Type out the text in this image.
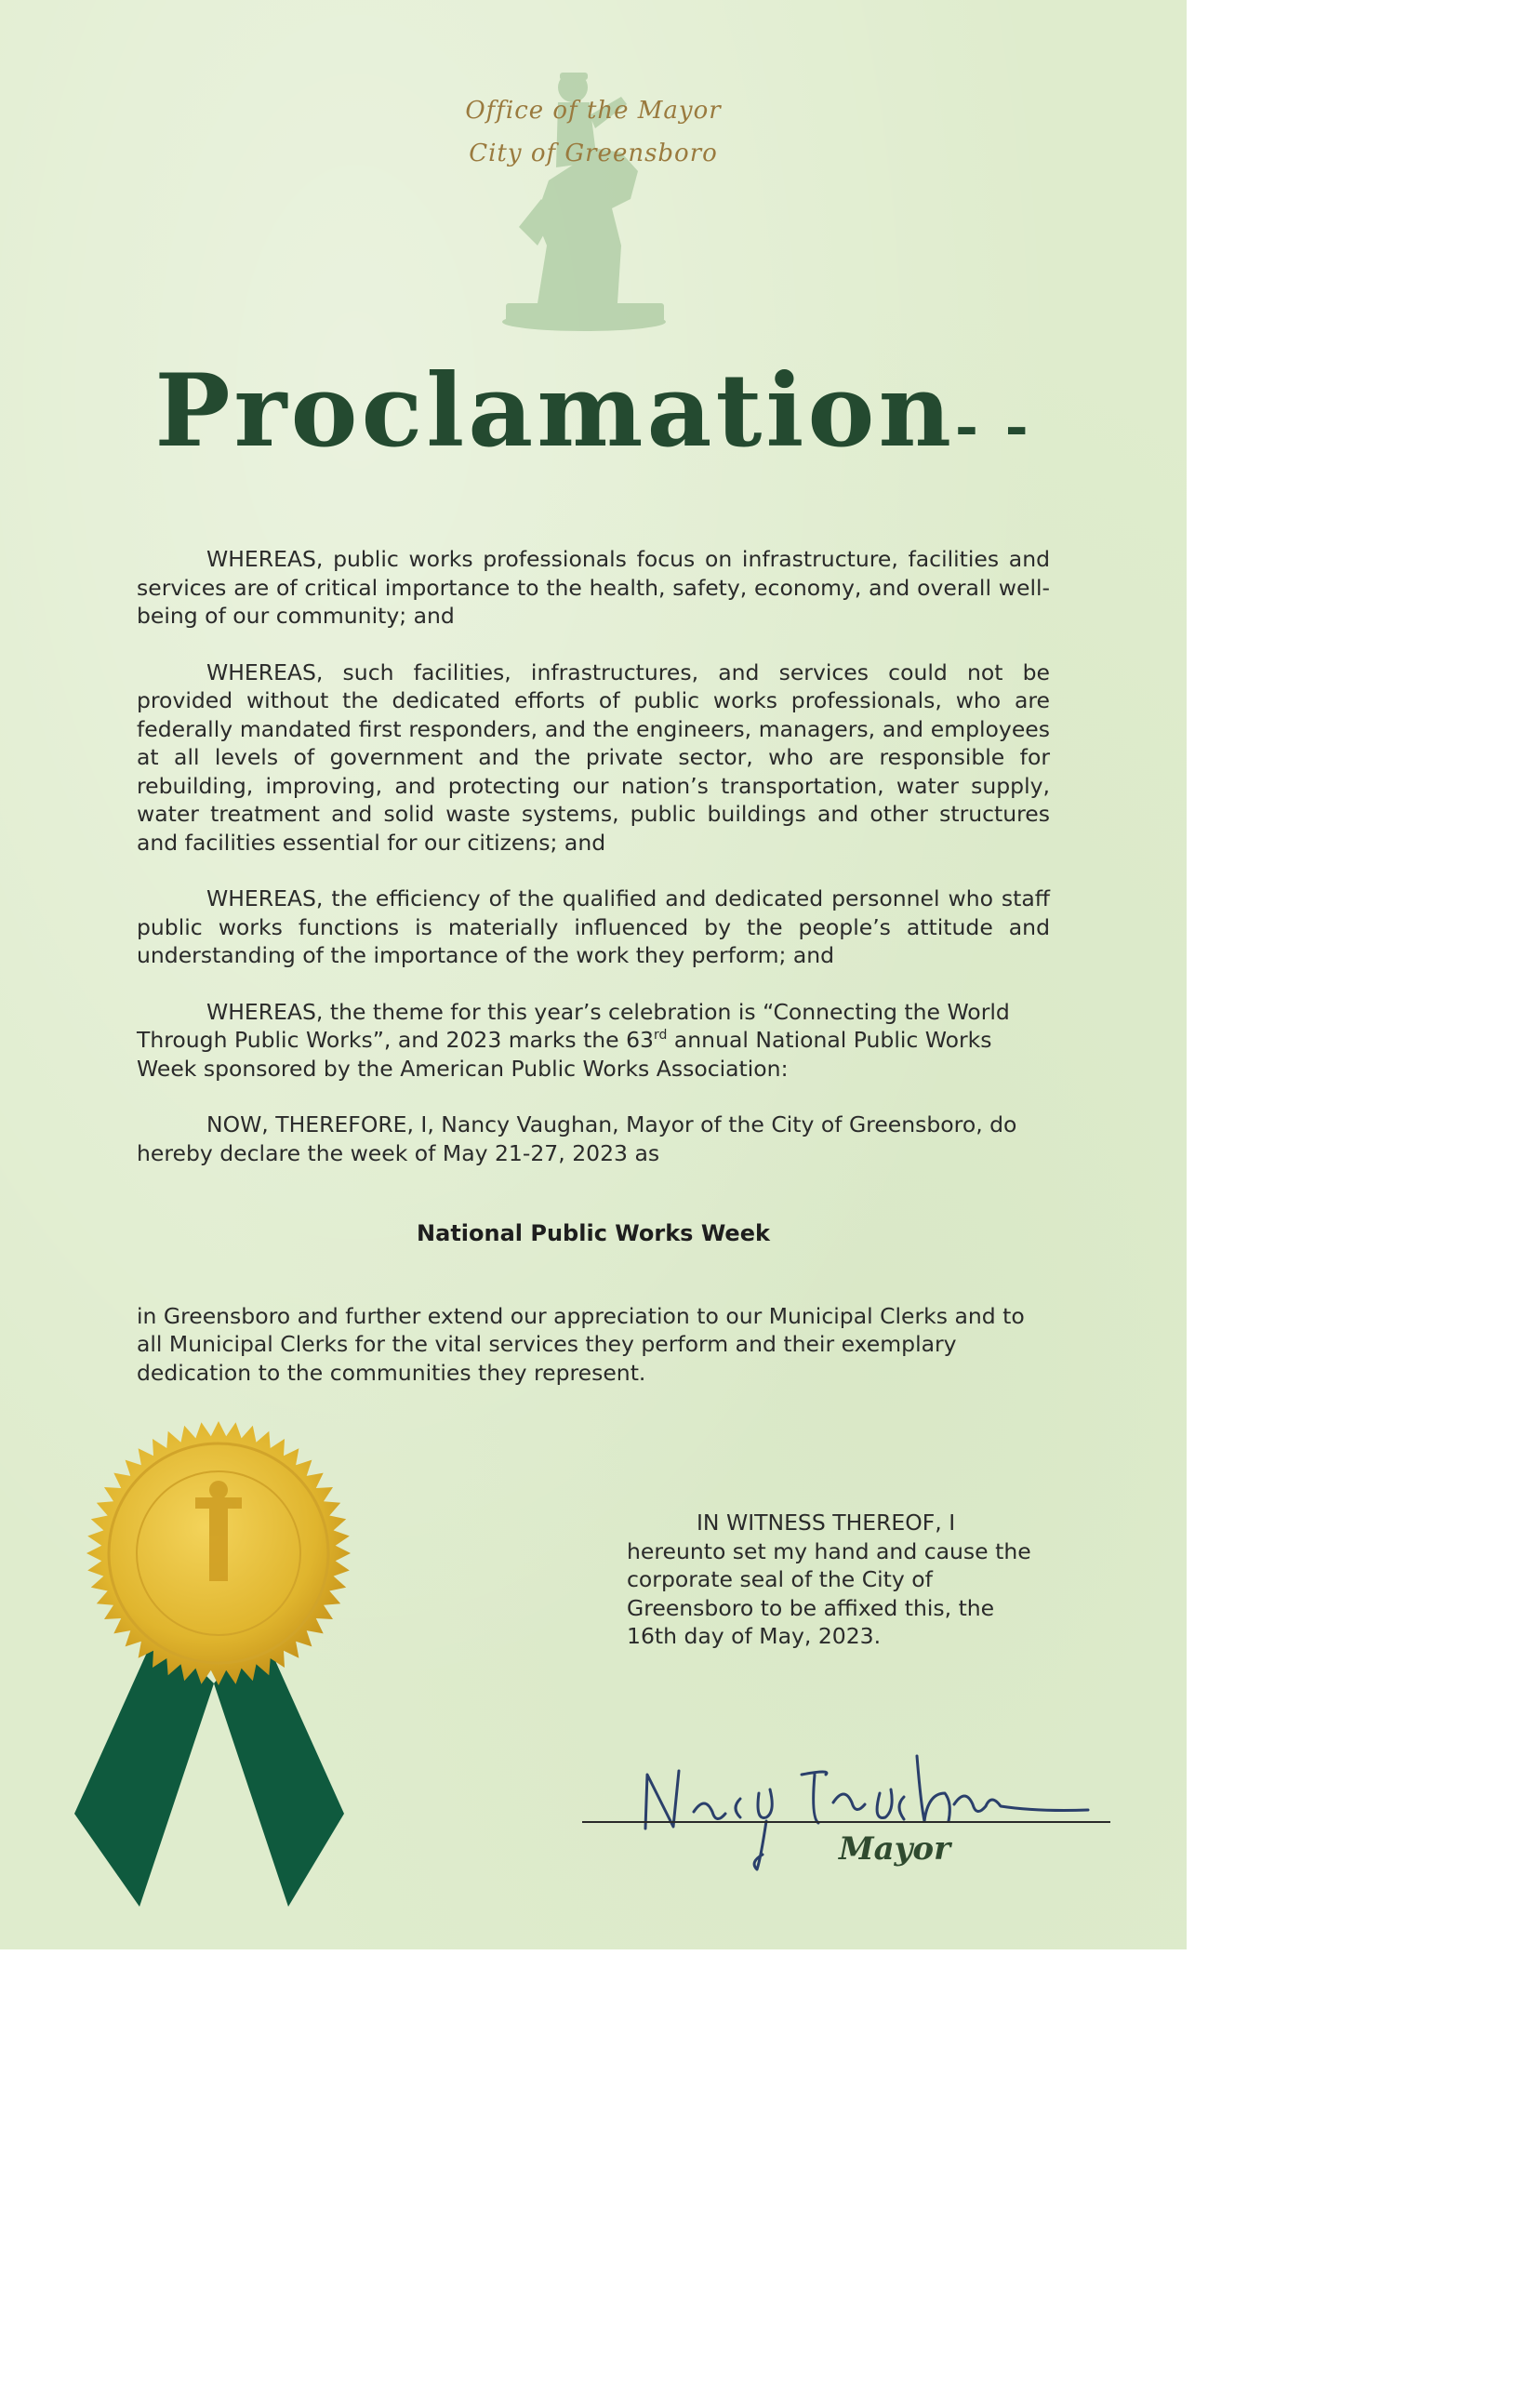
Office of the Mayor
City of Greensboro
Proclamation- -

WHEREAS, public works professionals focus on infrastructure, facilities and services are of critical importance to the health, safety, economy, and overall well-being of our community; and

WHEREAS, such facilities, infrastructures, and services could not be provided without the dedicated efforts of public works professionals, who are federally mandated first responders, and the engineers, managers, and employees at all levels of government and the private sector, who are responsible for rebuilding, improving, and protecting our nation’s transportation, water supply, water treatment and solid waste systems, public buildings and other structures and facilities essential for our citizens; and

WHEREAS, the efficiency of the qualified and dedicated personnel who staff public works functions is materially influenced by the people’s attitude and understanding of the importance of the work they perform; and

WHEREAS, the theme for this year’s celebration is “Connecting the World Through Public Works”, and 2023 marks the 63rd annual National Public Works Week sponsored by the American Public Works Association:

NOW, THEREFORE, I, Nancy Vaughan, Mayor of the City of Greensboro, do hereby declare the week of May 21-27, 2023 as

National Public Works Week

in Greensboro and further extend our appreciation to our Municipal Clerks and to all Municipal Clerks for the vital services they perform and their exemplary dedication to the communities they represent.

IN WITNESS THEREOF, I hereunto set my hand and cause the corporate seal of the City of Greensboro to be affixed this, the 16th day of May, 2023.

Mayor
